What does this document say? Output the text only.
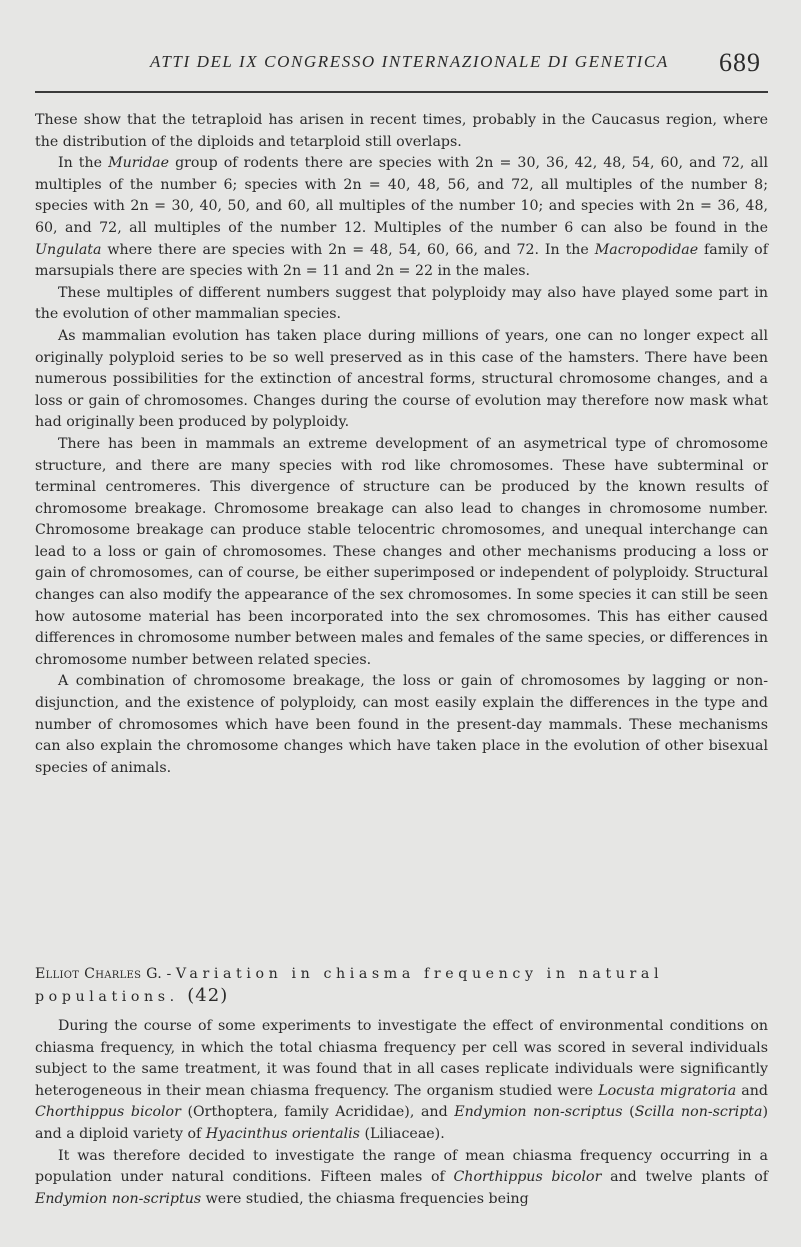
ATTI DEL IX CONGRESSO INTERNAZIONALE DI GENETICA 689

These show that the tetraploid has arisen in recent times, probably in the Caucasus region, where the distribution of the diploids and tetarploid still overlaps.

In the Muridae group of rodents there are species with 2n = 30, 36, 42, 48, 54, 60, and 72, all multiples of the number 6; species with 2n = 40, 48, 56, and 72, all multiples of the number 8; species with 2n = 30, 40, 50, and 60, all multiples of the number 10; and species with 2n = 36, 48, 60, and 72, all multiples of the number 12. Multiples of the number 6 can also be found in the Ungulata where there are species with 2n = 48, 54, 60, 66, and 72. In the Macropodidae family of marsupials there are species with 2n = 11 and 2n = 22 in the males.

These multiples of different numbers suggest that polyploidy may also have played some part in the evolution of other mammalian species.

As mammalian evolution has taken place during millions of years, one can no longer expect all originally polyploid series to be so well preserved as in this case of the hamsters. There have been numerous possibilities for the extinction of ancestral forms, structural chromosome changes, and a loss or gain of chromosomes. Changes during the course of evolution may therefore now mask what had originally been produced by polyploidy.

There has been in mammals an extreme development of an asymetrical type of chromosome structure, and there are many species with rod like chromosomes. These have subterminal or terminal centromeres. This divergence of structure can be produced by the known results of chromosome breakage. Chromosome breakage can also lead to changes in chromosome number. Chromosome breakage can produce stable telocentric chromosomes, and unequal interchange can lead to a loss or gain of chromosomes. These changes and other mechanisms producing a loss or gain of chromosomes, can of course, be either superimposed or independent of polyploidy. Structural changes can also modify the appearance of the sex chromosomes. In some species it can still be seen how autosome material has been incorporated into the sex chromosomes. This has either caused differences in chromosome number between males and females of the same species, or differences in chromosome number between related species.

A combination of chromosome breakage, the loss or gain of chromosomes by lagging or non-disjunction, and the existence of polyploidy, can most easily explain the differences in the type and number of chromosomes which have been found in the present-day mammals. These mechanisms can also explain the chromosome changes which have taken place in the evolution of other bisexual species of animals.

Elliot Charles G. - Variation in chiasma frequency in natural populations. (42)

During the course of some experiments to investigate the effect of environmental conditions on chiasma frequency, in which the total chiasma frequency per cell was scored in several individuals subject to the same treatment, it was found that in all cases replicate individuals were significantly heterogeneous in their mean chiasma frequency. The organism studied were Locusta migratoria and Chorthippus bicolor (Orthoptera, family Acrididae), and Endymion non-scriptus (Scilla non-scripta) and a diploid variety of Hyacinthus orientalis (Liliaceae).

It was therefore decided to investigate the range of mean chiasma frequency occurring in a population under natural conditions. Fifteen males of Chorthippus bicolor and twelve plants of Endymion non-scriptus were studied, the chiasma frequencies being
